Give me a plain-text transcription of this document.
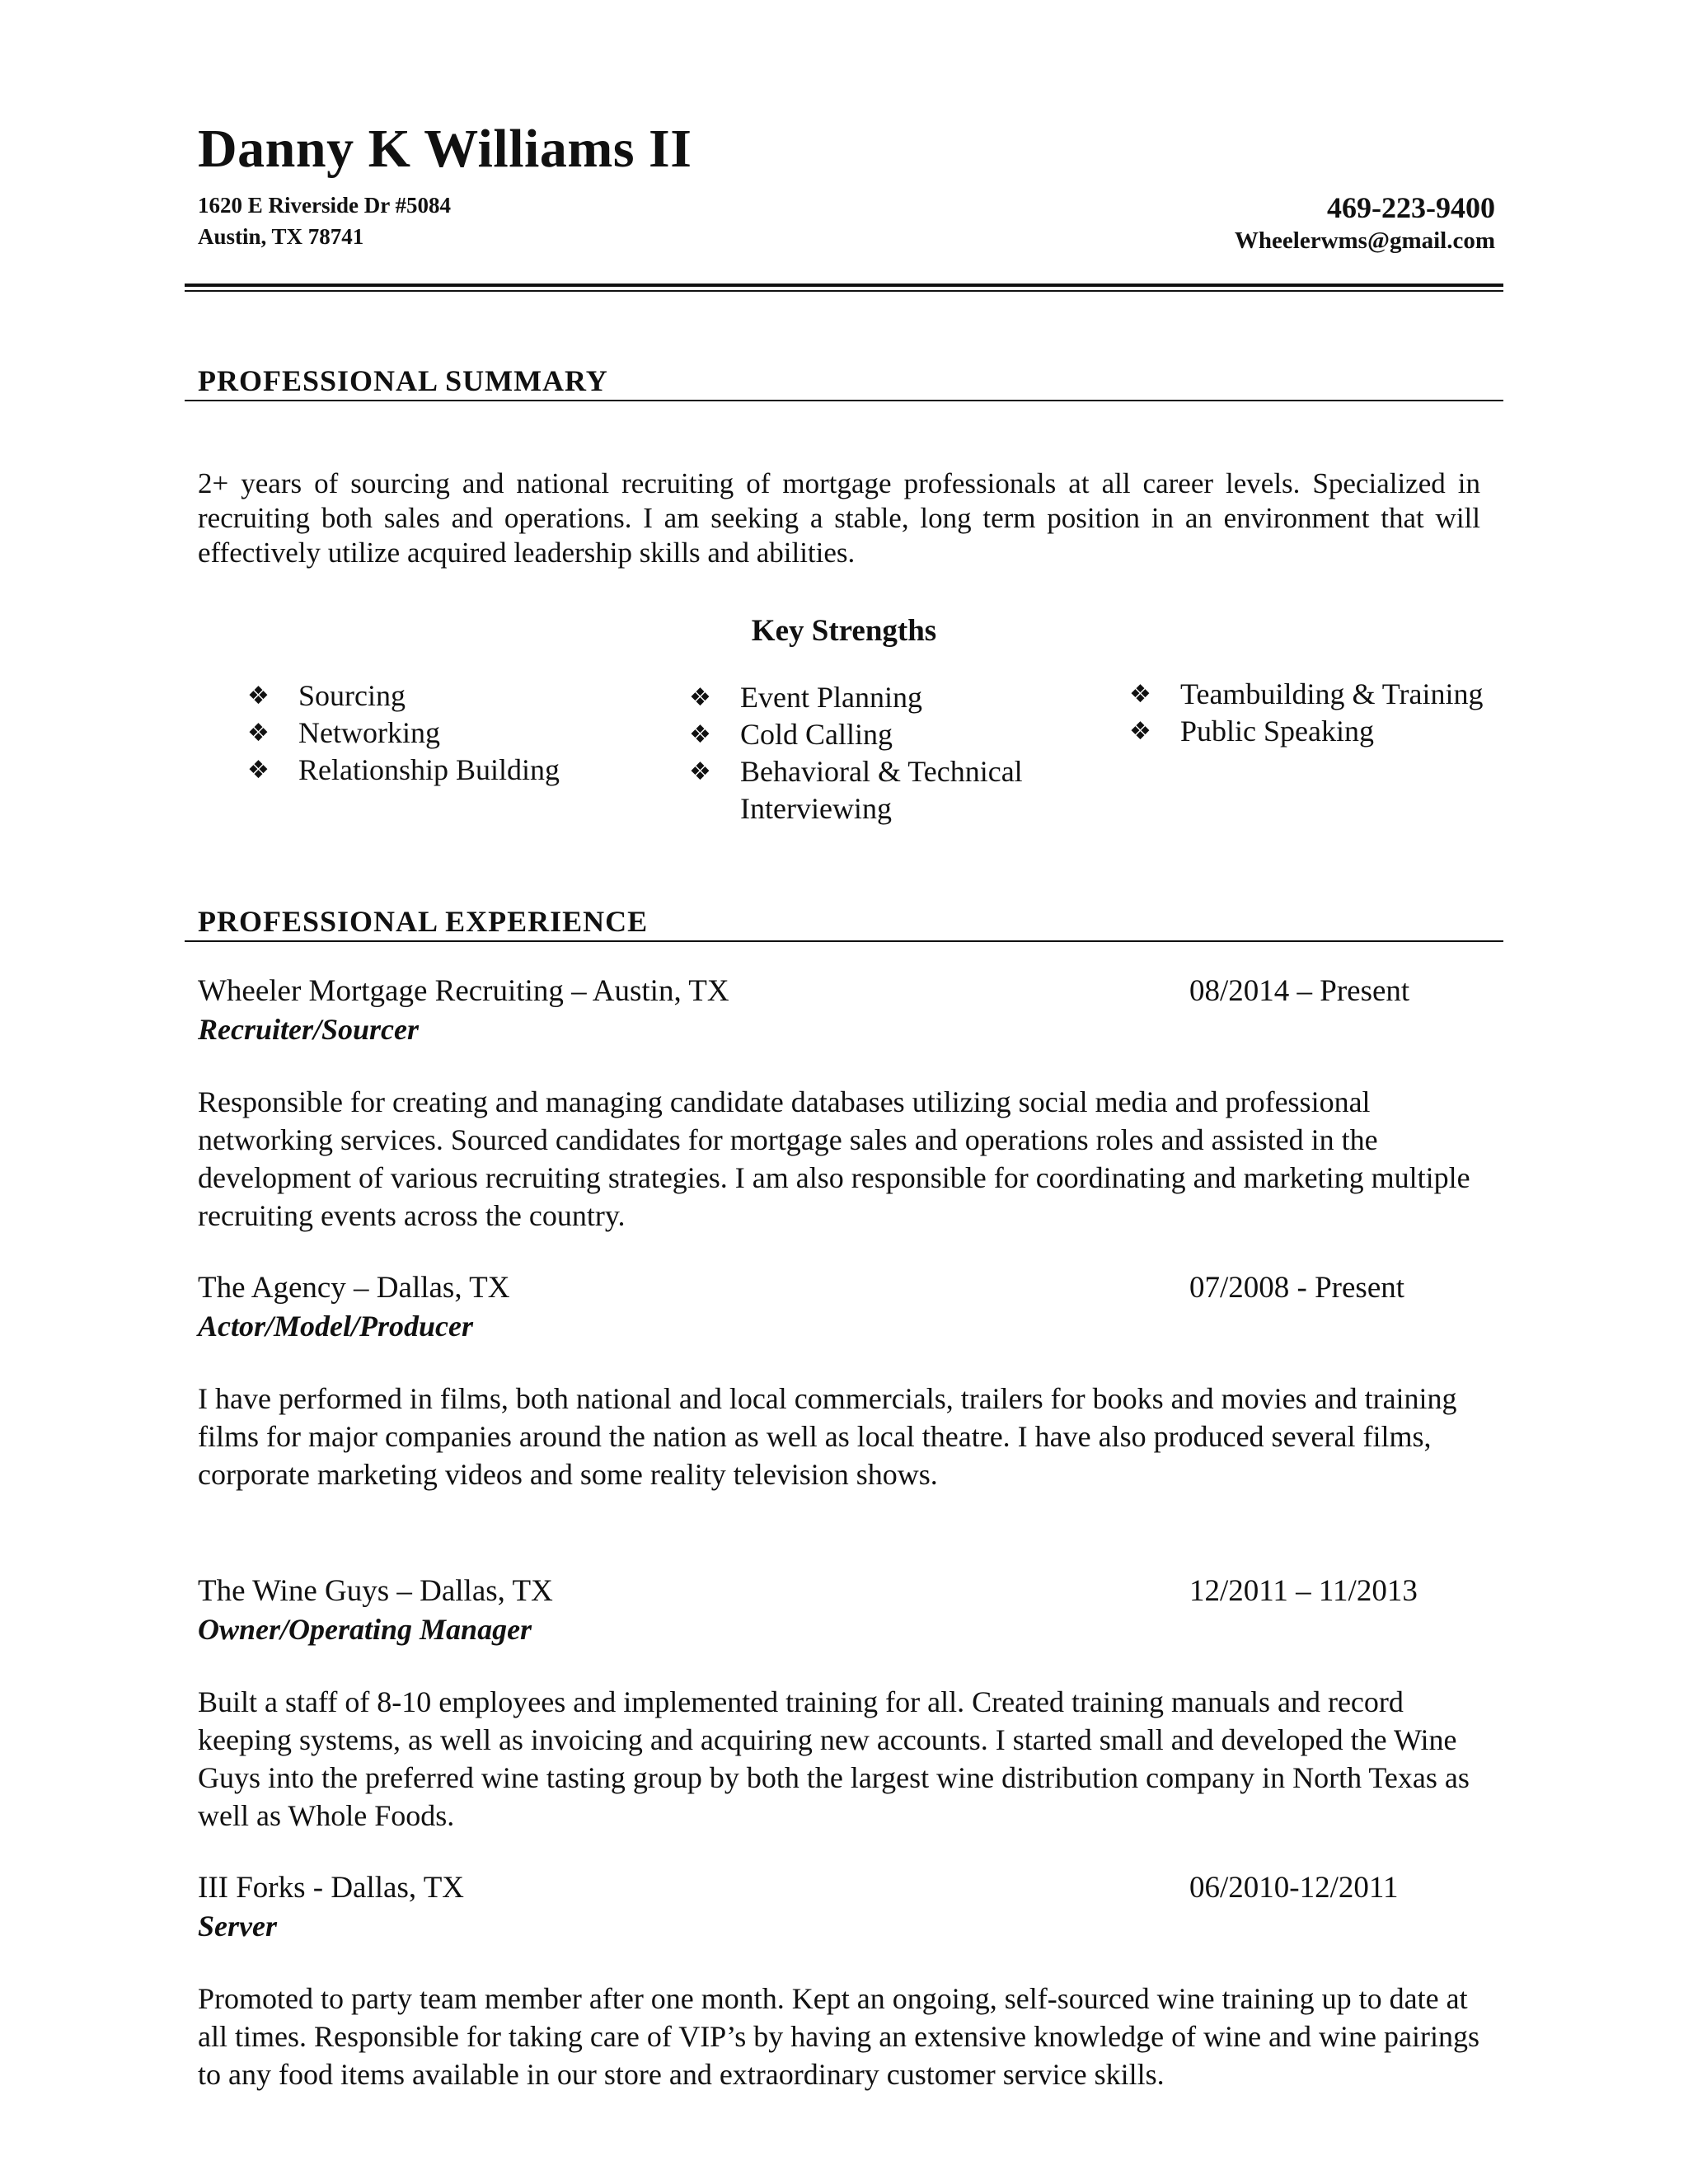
Danny K Williams II
1620 E Riverside Dr #5084
Austin, TX 78741
469-223-9400
Wheelerwms@gmail.com
PROFESSIONAL SUMMARY
2+ years of sourcing and national recruiting of mortgage professionals at all career levels. Specialized in recruiting both sales and operations. I am seeking a stable, long term position in an environment that will effectively utilize acquired leadership skills and abilities.
Key Strengths
❖ Sourcing
❖ Networking
❖ Relationship Building
❖ Event Planning
❖ Cold Calling
❖ Behavioral & Technical Interviewing
❖ Teambuilding & Training
❖ Public Speaking
PROFESSIONAL EXPERIENCE
Wheeler Mortgage Recruiting – Austin, TX	08/2014 – Present
Recruiter/Sourcer
Responsible for creating and managing candidate databases utilizing social media and professional networking services. Sourced candidates for mortgage sales and operations roles and assisted in the development of various recruiting strategies. I am also responsible for coordinating and marketing multiple recruiting events across the country.
The Agency – Dallas, TX	07/2008 - Present
Actor/Model/Producer
I have performed in films, both national and local commercials, trailers for books and movies and training films for major companies around the nation as well as local theatre. I have also produced several films, corporate marketing videos and some reality television shows.
The Wine Guys – Dallas, TX	12/2011 – 11/2013
Owner/Operating Manager
Built a staff of 8-10 employees and implemented training for all. Created training manuals and record keeping systems, as well as invoicing and acquiring new accounts. I started small and developed the Wine Guys into the preferred wine tasting group by both the largest wine distribution company in North Texas as well as Whole Foods.
III Forks - Dallas, TX	06/2010-12/2011
Server
Promoted to party team member after one month. Kept an ongoing, self-sourced wine training up to date at all times. Responsible for taking care of VIP’s by having an extensive knowledge of wine and wine pairings to any food items available in our store and extraordinary customer service skills.
